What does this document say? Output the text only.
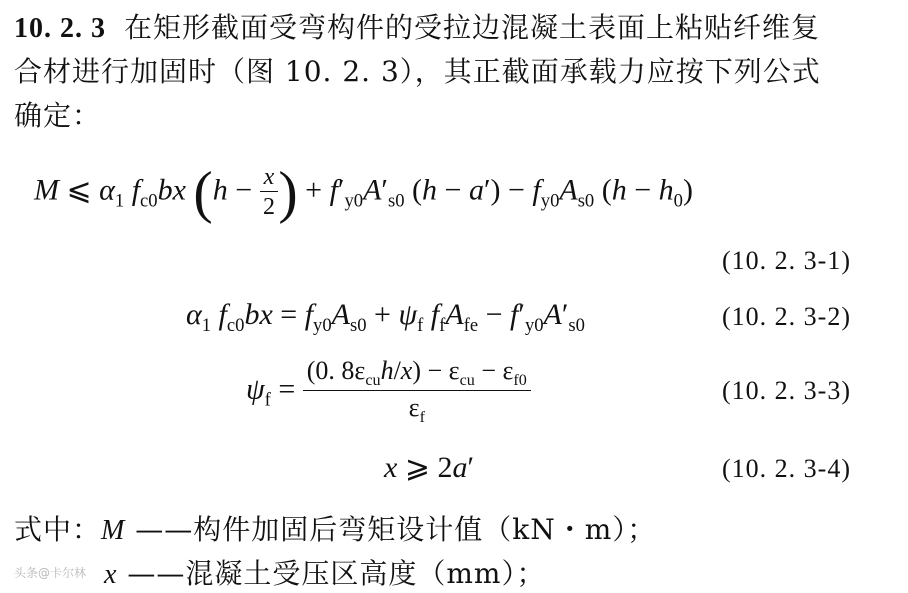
10. 2. 3 在矩形截面受弯构件的受拉边混凝土表面上粘贴纤维复
合材进行加固时（图 10. 2. 3），其正截面承载力应按下列公式
确定：
M ⩽ $\alpha_1$ $f_{c0}bx$ ($h - \frac{x}{2}$ ) + $f'_{y0}A'_{s0}$ $(h - a') - f_{y0}A_{s0}$ $(h - h_0)$
(10. 2. 3-1)
$\alpha_1$ $f_{c0}bx = f_{y0}A_{s0} + \psi_f$ $f_fA_{fe} - f'_{y0}A'_{s0}$	(10. 2. 3-2)
$\psi_f = \frac{(0. 8\varepsilon_{cu}h/x) - \varepsilon_{cu} - \varepsilon_{f0}}{\varepsilon_f}$	(10. 2. 3-3)
x ⩾ 2a′	(10. 2. 3-4)
式中：M ——构件加固后弯矩设计值（kN・m）；
x ——混凝土受压区高度（mm）；
头条@卡尔林
